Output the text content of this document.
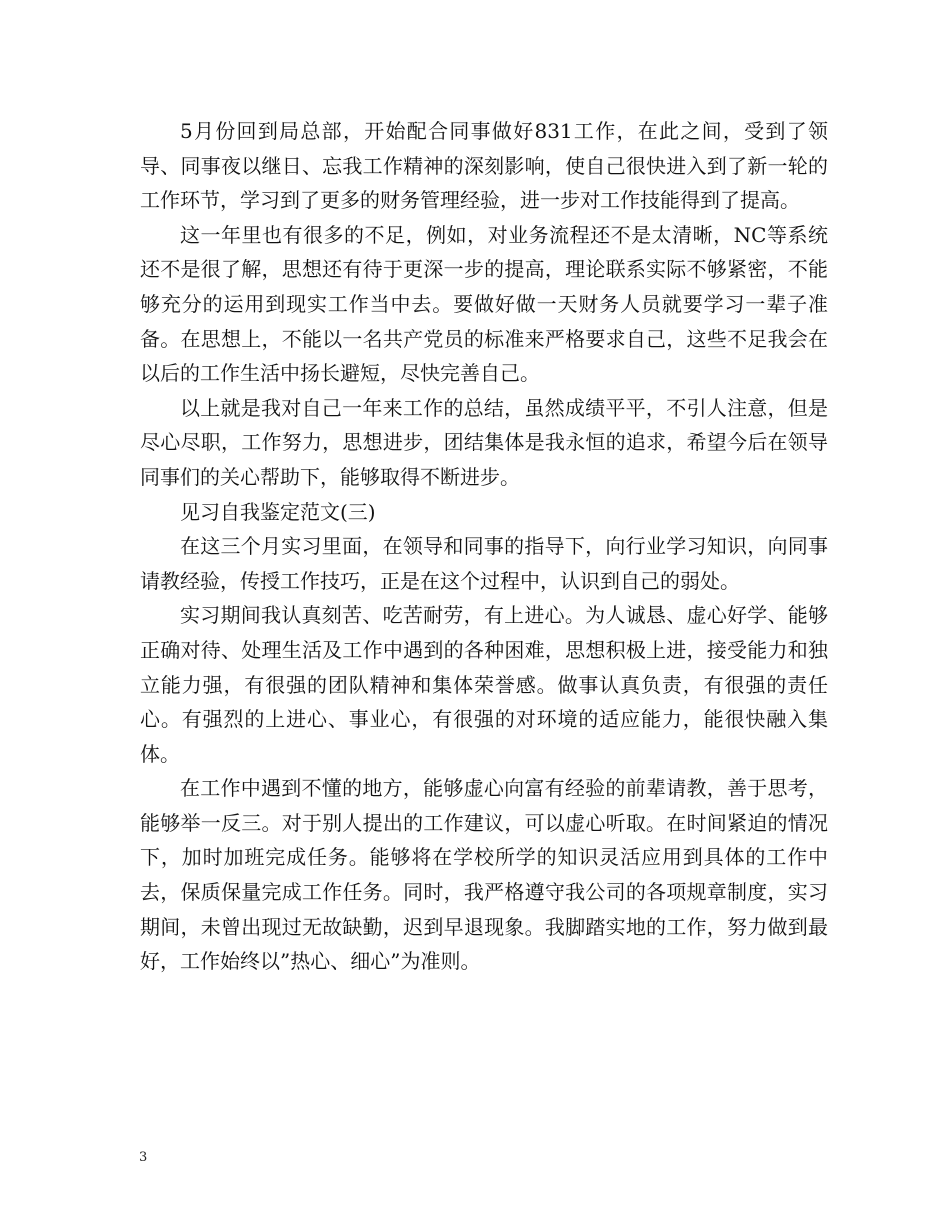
5月份回到局总部，开始配合同事做好831工作，在此之间，受到了领导、同事夜以继日、忘我工作精神的深刻影响，使自己很快进入到了新一轮的工作环节，学习到了更多的财务管理经验，进一步对工作技能得到了提高。

这一年里也有很多的不足，例如，对业务流程还不是太清晰，NC等系统还不是很了解，思想还有待于更深一步的提高，理论联系实际不够紧密，不能够充分的运用到现实工作当中去。要做好做一天财务人员就要学习一辈子准备。在思想上，不能以一名共产党员的标准来严格要求自己，这些不足我会在以后的工作生活中扬长避短，尽快完善自己。

以上就是我对自己一年来工作的总结，虽然成绩平平，不引人注意，但是尽心尽职，工作努力，思想进步，团结集体是我永恒的追求，希望今后在领导同事们的关心帮助下，能够取得不断进步。

见习自我鉴定范文(三)

在这三个月实习里面，在领导和同事的指导下，向行业学习知识，向同事请教经验，传授工作技巧，正是在这个过程中，认识到自己的弱处。

实习期间我认真刻苦、吃苦耐劳，有上进心。为人诚恳、虚心好学、能够正确对待、处理生活及工作中遇到的各种困难，思想积极上进，接受能力和独立能力强，有很强的团队精神和集体荣誉感。做事认真负责，有很强的责任心。有强烈的上进心、事业心，有很强的对环境的适应能力，能很快融入集体。

在工作中遇到不懂的地方，能够虚心向富有经验的前辈请教，善于思考，能够举一反三。对于别人提出的工作建议，可以虚心听取。在时间紧迫的情况下，加时加班完成任务。能够将在学校所学的知识灵活应用到具体的工作中去，保质保量完成工作任务。同时，我严格遵守我公司的各项规章制度，实习期间，未曾出现过无故缺勤，迟到早退现象。我脚踏实地的工作，努力做到最好，工作始终以”热心、细心”为准则。

3
